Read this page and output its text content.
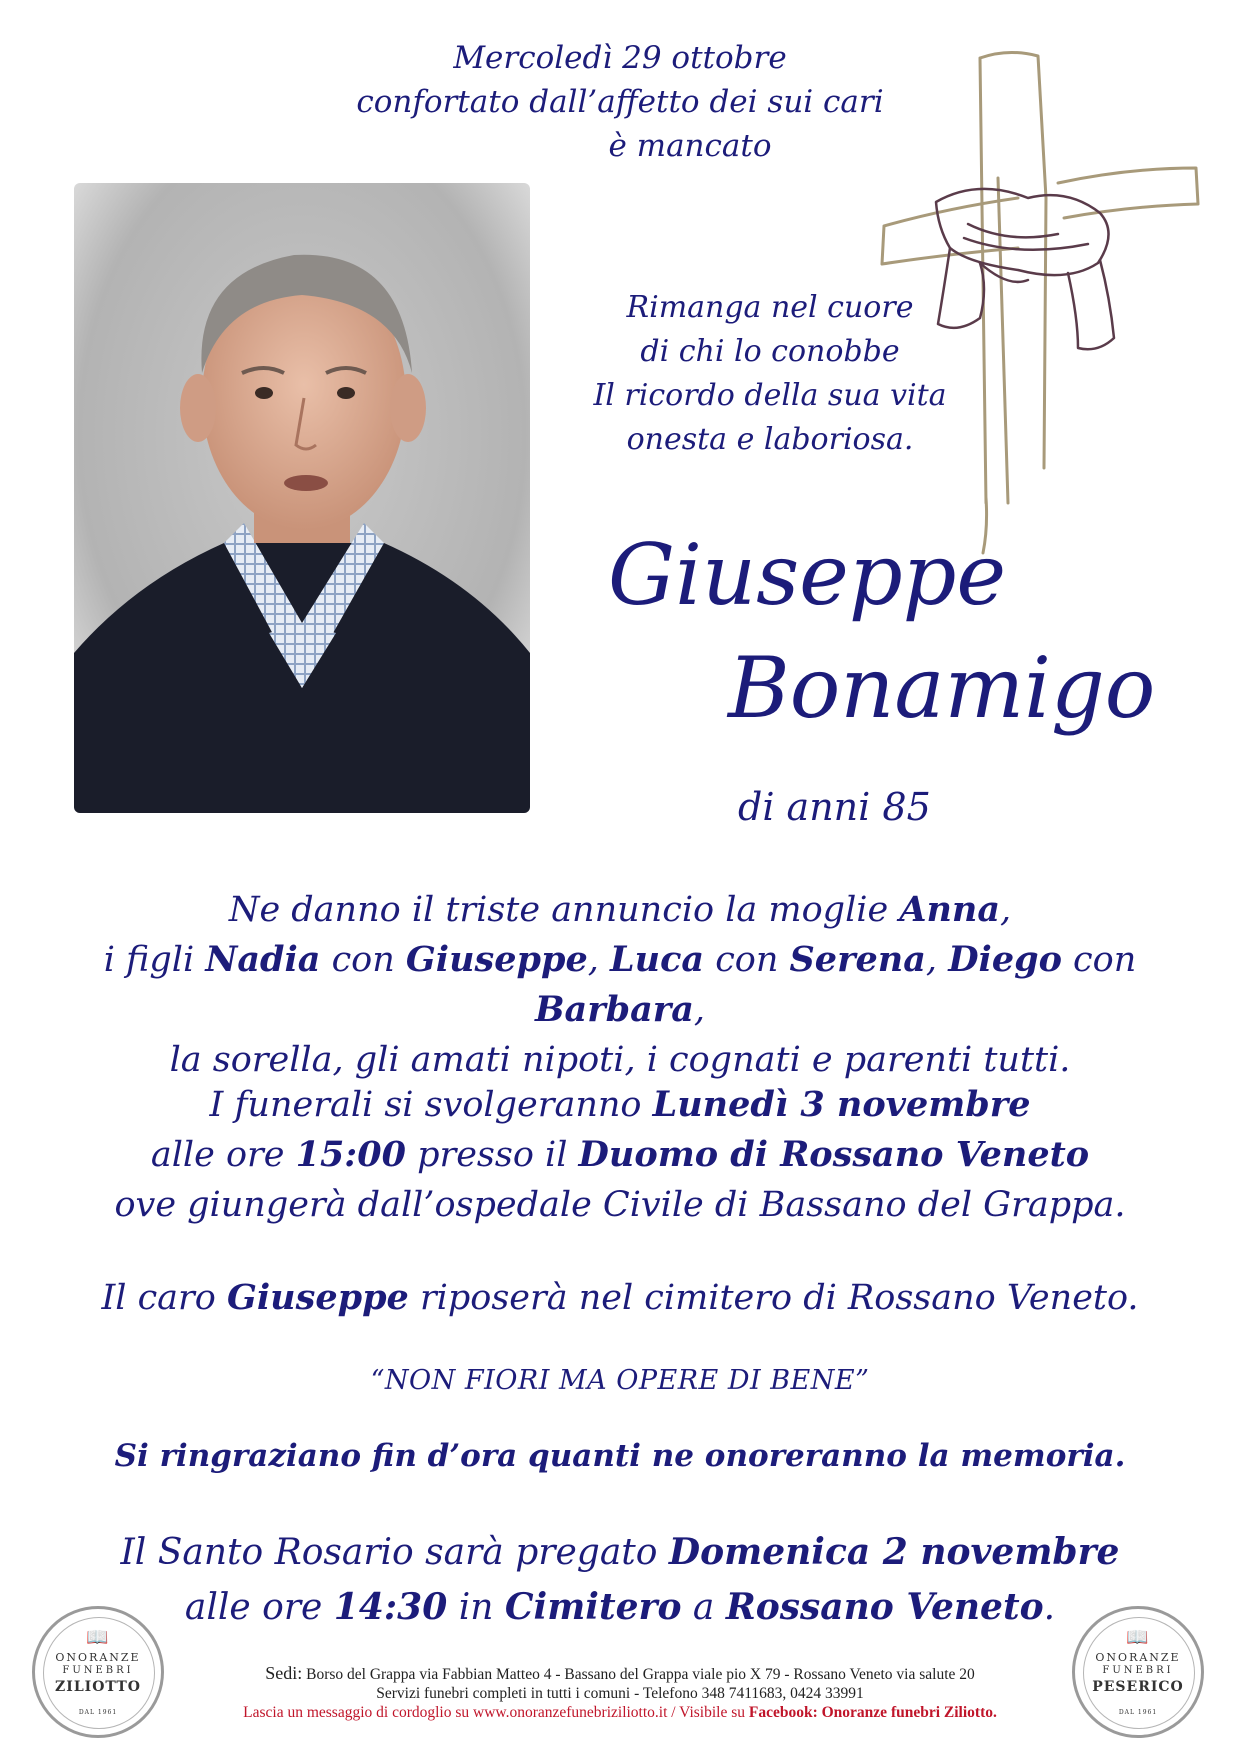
Mercoledì 29 ottobre
confortato dall’affetto dei sui cari
è mancato
Rimanga nel cuore
di chi lo conobbe
Il ricordo della sua vita
onesta e laboriosa.
Giuseppe
Bonamigo
di anni 85
Ne danno il triste annuncio la moglie Anna,
i figli Nadia con Giuseppe, Luca con Serena, Diego con Barbara,
la sorella, gli amati nipoti, i cognati e parenti tutti.
I funerali si svolgeranno Lunedì 3 novembre
alle ore 15:00 presso il Duomo di Rossano Veneto
ove giungerà dall’ospedale Civile di Bassano del Grappa.
Il caro Giuseppe riposerà nel cimitero di Rossano Veneto.
“NON FIORI MA OPERE DI BENE”
Si ringraziano fin d’ora quanti ne onoreranno la memoria.
Il Santo Rosario sarà pregato Domenica 2 novembre
alle ore 14:30 in Cimitero a Rossano Veneto.
📖
ONORANZE
FUNEBRI
ZILIOTTO
DAL 1961
📖
ONORANZE
FUNEBRI
PESERICO
DAL 1961
Sedi: Borso del Grappa via Fabbian Matteo 4 - Bassano del Grappa viale pio X 79 - Rossano Veneto via salute 20
Servizi funebri completi in tutti i comuni - Telefono 348 7411683, 0424 33991
Lascia un messaggio di cordoglio su www.onoranzefunebriziliotto.it / Visibile su Facebook: Onoranze funebri Ziliotto.
